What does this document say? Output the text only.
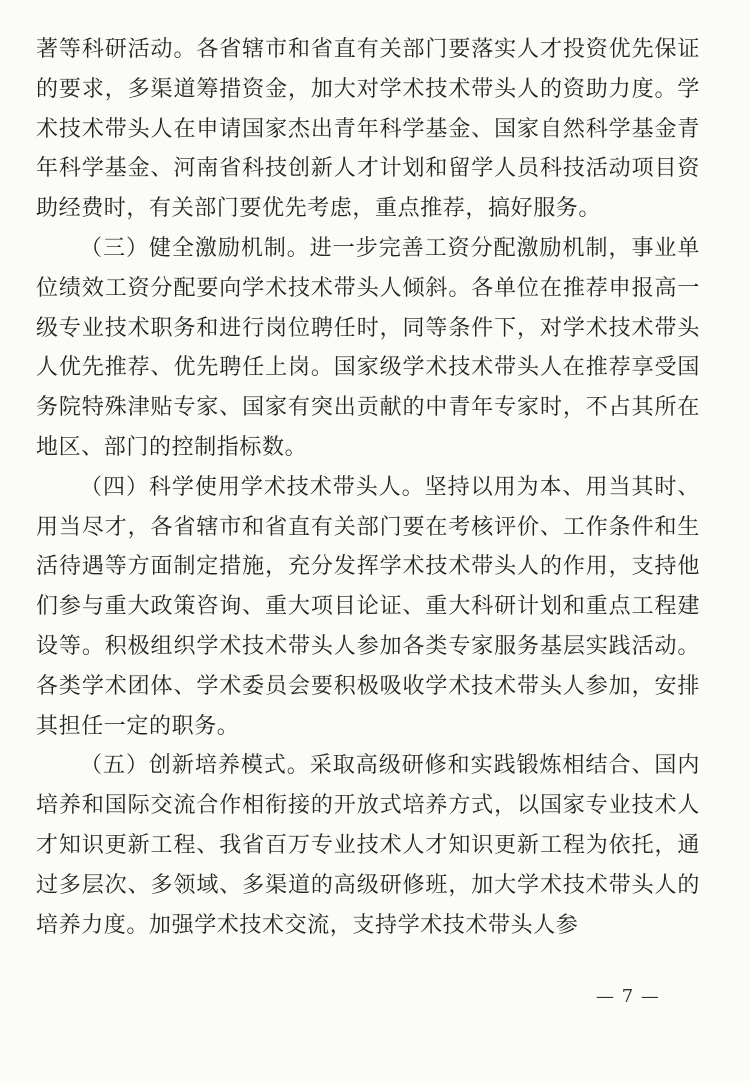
著等科研活动。各省辖市和省直有关部门要落实人才投资优先保证的要求，多渠道筹措资金，加大对学术技术带头人的资助力度。学术技术带头人在申请国家杰出青年科学基金、国家自然科学基金青年科学基金、河南省科技创新人才计划和留学人员科技活动项目资助经费时，有关部门要优先考虑，重点推荐，搞好服务。

（三）健全激励机制。进一步完善工资分配激励机制，事业单位绩效工资分配要向学术技术带头人倾斜。各单位在推荐申报高一级专业技术职务和进行岗位聘任时，同等条件下，对学术技术带头人优先推荐、优先聘任上岗。国家级学术技术带头人在推荐享受国务院特殊津贴专家、国家有突出贡献的中青年专家时，不占其所在地区、部门的控制指标数。

（四）科学使用学术技术带头人。坚持以用为本、用当其时、用当尽才，各省辖市和省直有关部门要在考核评价、工作条件和生活待遇等方面制定措施，充分发挥学术技术带头人的作用，支持他们参与重大政策咨询、重大项目论证、重大科研计划和重点工程建设等。积极组织学术技术带头人参加各类专家服务基层实践活动。各类学术团体、学术委员会要积极吸收学术技术带头人参加，安排其担任一定的职务。

（五）创新培养模式。采取高级研修和实践锻炼相结合、国内培养和国际交流合作相衔接的开放式培养方式，以国家专业技术人才知识更新工程、我省百万专业技术人才知识更新工程为依托，通过多层次、多领域、多渠道的高级研修班，加大学术技术带头人的培养力度。加强学术技术交流，支持学术技术带头人参

— 7 —
